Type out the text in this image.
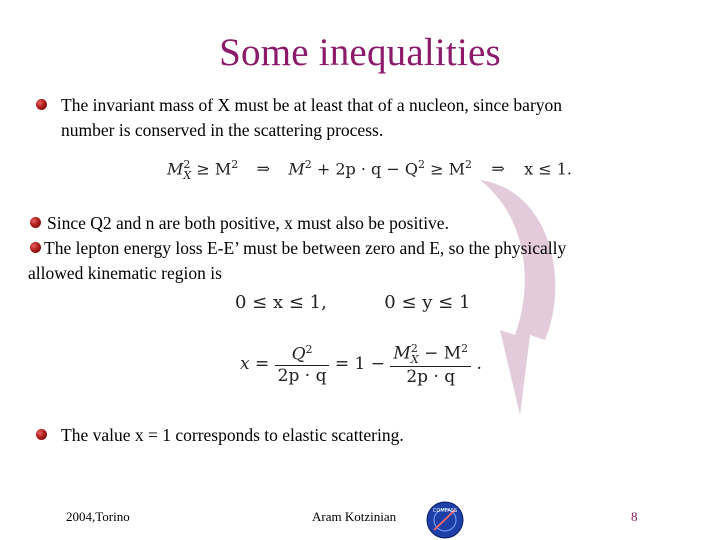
Some inequalities
The invariant mass of X must be at least that of a nucleon, since baryon
number is conserved in the scattering process.
$M^2_X \ge M^2$ ⇒ $M^2 + 2p \cdot q - Q^2 \ge M^2$ ⇒ x ≤ 1.
Since Q2 and n are both positive, x must also be positive.
The lepton energy loss E-E’ must be between zero and E, so the physically
allowed kinematic region is
0 ≤ x ≤ 1,	0 ≤ y ≤ 1
$x = \frac{Q^2}{2p \cdot q} = 1 - \frac{M^2_X - M^2}{2p \cdot q}$ .
The value x = 1 corresponds to elastic scattering.
2004,Torino	Aram Kotzinian	COMPASS	8
